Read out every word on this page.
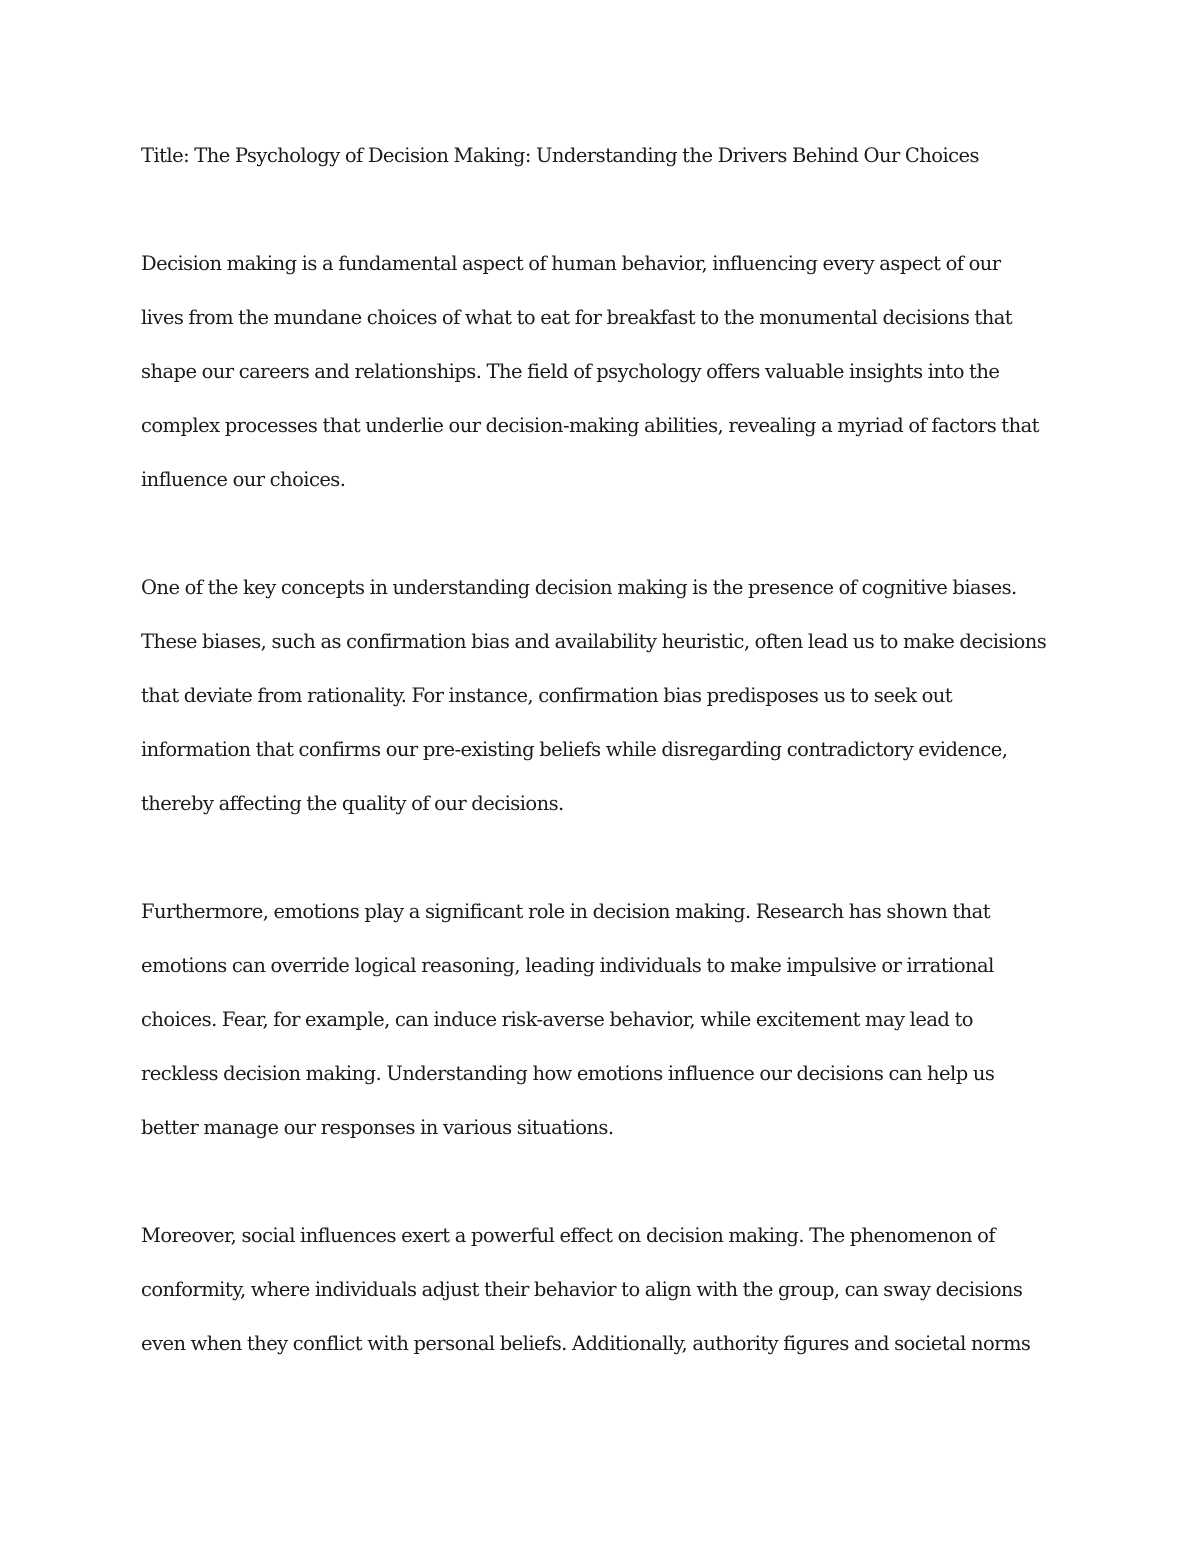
Title: The Psychology of Decision Making: Understanding the Drivers Behind Our Choices

Decision making is a fundamental aspect of human behavior, influencing every aspect of our

lives from the mundane choices of what to eat for breakfast to the monumental decisions that

shape our careers and relationships. The field of psychology offers valuable insights into the

complex processes that underlie our decision-making abilities, revealing a myriad of factors that

influence our choices.

One of the key concepts in understanding decision making is the presence of cognitive biases.

These biases, such as confirmation bias and availability heuristic, often lead us to make decisions

that deviate from rationality. For instance, confirmation bias predisposes us to seek out

information that confirms our pre-existing beliefs while disregarding contradictory evidence,

thereby affecting the quality of our decisions.

Furthermore, emotions play a significant role in decision making. Research has shown that

emotions can override logical reasoning, leading individuals to make impulsive or irrational

choices. Fear, for example, can induce risk-averse behavior, while excitement may lead to

reckless decision making. Understanding how emotions influence our decisions can help us

better manage our responses in various situations.

Moreover, social influences exert a powerful effect on decision making. The phenomenon of

conformity, where individuals adjust their behavior to align with the group, can sway decisions

even when they conflict with personal beliefs. Additionally, authority figures and societal norms
